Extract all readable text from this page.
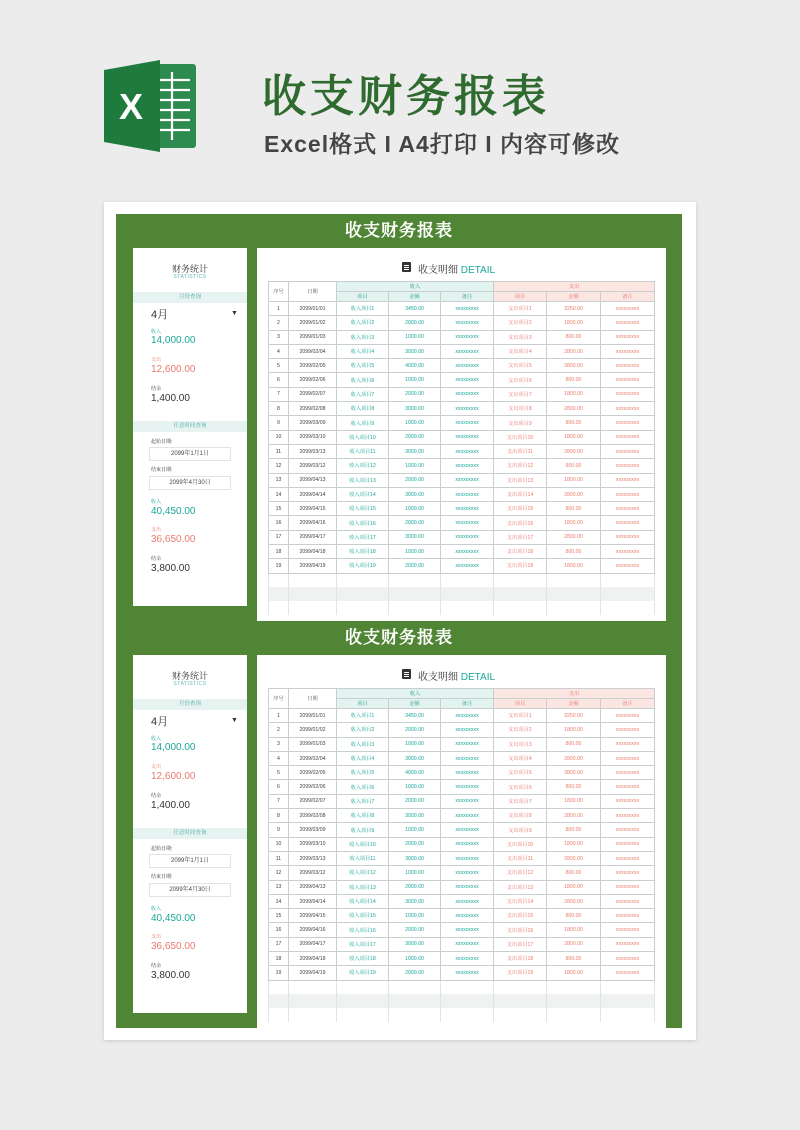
X	收支财务报表
Excel格式 I A4打印 I 内容可修改
收支财务报表
财务统计
STATISTICS
月份查询
4月	▼
收入
14,000.00
支出
12,600.00
结余
1,400.00
任意时间查询
起始日期:
2099年1月1日
结束日期:
2099年4月30日
收入
40,450.00
支出
36,650.00
结余
3,800.00
收支明细 DETAIL
序号	日期	收入			支出		
		项目	金额	备注	项目	金额	备注
1	2099/01/01	收入项目1	3450.00	xxxxxxxxx	支出项目1	3250.00	xxxxxxxxx
2	2099/01/02	收入项目2	2000.00	xxxxxxxxx	支出项目2	1800.00	xxxxxxxxx
3	2099/01/03	收入项目3	1000.00	xxxxxxxxx	支出项目3	800.00	xxxxxxxxx
4	2099/02/04	收入项目4	3000.00	xxxxxxxxx	支出项目4	2800.00	xxxxxxxxx
5	2099/02/05	收入项目5	4000.00	xxxxxxxxx	支出项目5	3800.00	xxxxxxxxx
6	2099/02/06	收入项目6	1000.00	xxxxxxxxx	支出项目6	800.00	xxxxxxxxx
7	2099/02/07	收入项目7	2000.00	xxxxxxxxx	支出项目7	1800.00	xxxxxxxxx
8	2099/02/08	收入项目8	3000.00	xxxxxxxxx	支出项目8	2800.00	xxxxxxxxx
9	2099/03/09	收入项目9	1000.00	xxxxxxxxx	支出项目9	800.00	xxxxxxxxx
10	2099/03/10	收入项目10	2000.00	xxxxxxxxx	支出项目10	1800.00	xxxxxxxxx
11	2099/03/13	收入项目11	3000.00	xxxxxxxxx	支出项目11	2800.00	xxxxxxxxx
12	2099/03/12	收入项目12	1000.00	xxxxxxxxx	支出项目12	800.00	xxxxxxxxx
13	2099/04/13	收入项目13	2000.00	xxxxxxxxx	支出项目13	1800.00	xxxxxxxxx
14	2099/04/14	收入项目14	3000.00	xxxxxxxxx	支出项目14	2800.00	xxxxxxxxx
15	2099/04/15	收入项目15	1000.00	xxxxxxxxx	支出项目15	800.00	xxxxxxxxx
16	2099/04/16	收入项目16	2000.00	xxxxxxxxx	支出项目16	1800.00	xxxxxxxxx
17	2099/04/17	收入项目17	3000.00	xxxxxxxxx	支出项目17	2800.00	xxxxxxxxx
18	2099/04/18	收入项目18	1000.00	xxxxxxxxx	支出项目18	800.00	xxxxxxxxx
19	2099/04/19	收入项目19	2000.00	xxxxxxxxx	支出项目19	1800.00	xxxxxxxxx

收支财务报表
财务统计
STATISTICS
月份查询
4月	▼
收入
14,000.00
支出
12,600.00
结余
1,400.00
任意时间查询
起始日期:
2099年1月1日
结束日期:
2099年4月30日
收入
40,450.00
支出
36,650.00
结余
3,800.00
收支明细 DETAIL
序号	日期	收入			支出		
		项目	金额	备注	项目	金额	备注
1	2099/01/01	收入项目1	3450.00	xxxxxxxxx	支出项目1	3250.00	xxxxxxxxx
2	2099/01/02	收入项目2	2000.00	xxxxxxxxx	支出项目2	1800.00	xxxxxxxxx
3	2099/01/03	收入项目3	1000.00	xxxxxxxxx	支出项目3	800.00	xxxxxxxxx
4	2099/02/04	收入项目4	3000.00	xxxxxxxxx	支出项目4	2800.00	xxxxxxxxx
5	2099/02/05	收入项目5	4000.00	xxxxxxxxx	支出项目5	3800.00	xxxxxxxxx
6	2099/02/06	收入项目6	1000.00	xxxxxxxxx	支出项目6	800.00	xxxxxxxxx
7	2099/02/07	收入项目7	2000.00	xxxxxxxxx	支出项目7	1800.00	xxxxxxxxx
8	2099/02/08	收入项目8	3000.00	xxxxxxxxx	支出项目8	2800.00	xxxxxxxxx
9	2099/03/09	收入项目9	1000.00	xxxxxxxxx	支出项目9	800.00	xxxxxxxxx
10	2099/03/10	收入项目10	2000.00	xxxxxxxxx	支出项目10	1800.00	xxxxxxxxx
11	2099/03/13	收入项目11	3000.00	xxxxxxxxx	支出项目11	2800.00	xxxxxxxxx
12	2099/03/12	收入项目12	1000.00	xxxxxxxxx	支出项目12	800.00	xxxxxxxxx
13	2099/04/13	收入项目13	2000.00	xxxxxxxxx	支出项目13	1800.00	xxxxxxxxx
14	2099/04/14	收入项目14	3000.00	xxxxxxxxx	支出项目14	2800.00	xxxxxxxxx
15	2099/04/15	收入项目15	1000.00	xxxxxxxxx	支出项目15	800.00	xxxxxxxxx
16	2099/04/16	收入项目16	2000.00	xxxxxxxxx	支出项目16	1800.00	xxxxxxxxx
17	2099/04/17	收入项目17	3000.00	xxxxxxxxx	支出项目17	2800.00	xxxxxxxxx
18	2099/04/18	收入项目18	1000.00	xxxxxxxxx	支出项目18	800.00	xxxxxxxxx
19	2099/04/19	收入项目19	2000.00	xxxxxxxxx	支出项目19	1800.00	xxxxxxxxx
